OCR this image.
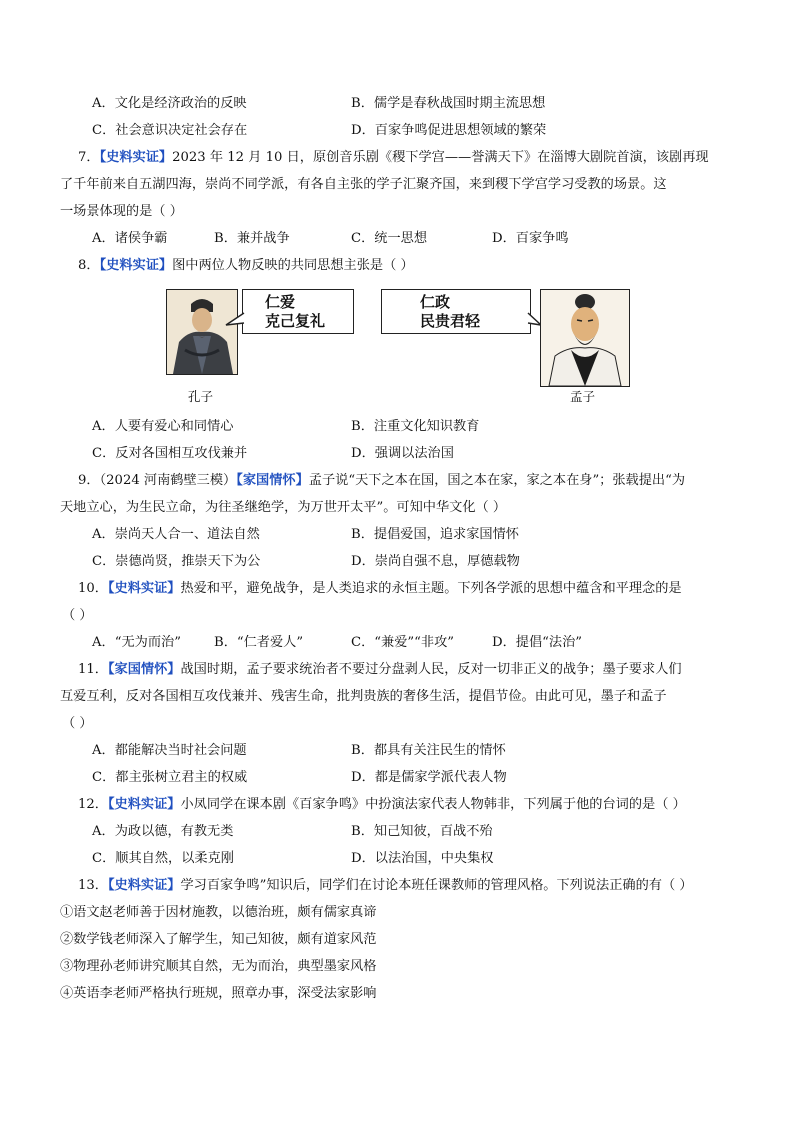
A．文化是经济政治的反映	B．儒学是春秋战国时期主流思想
C．社会意识决定社会存在	D．百家争鸣促进思想领域的繁荣
7．【史料实证】2023 年 12 月 10 日，原创音乐剧《稷下学宫——誉满天下》在淄博大剧院首演，该剧再现
了千年前来自五湖四海，崇尚不同学派，有各自主张的学子汇聚齐国，来到稷下学宫学习受教的场景。这
一场景体现的是（ ）
A．诸侯争霸	B．兼并战争	C．统一思想	D．百家争鸣
8．【史料实证】图中两位人物反映的共同思想主张是（ ）
仁爱
克己复礼
仁政
民贵君轻
孔子	孟子
A．人要有爱心和同情心	B．注重文化知识教育
C．反对各国相互攻伐兼并	D．强调以法治国
9．（2024 河南鹤壁三模）【家国情怀】孟子说“天下之本在国，国之本在家，家之本在身”；张载提出“为
天地立心，为生民立命，为往圣继绝学，为万世开太平”。可知中华文化（ ）
A．崇尚天人合一、道法自然	B．提倡爱国，追求家国情怀
C．崇德尚贤，推崇天下为公	D．崇尚自强不息，厚德载物
10．【史料实证】热爱和平，避免战争，是人类追求的永恒主题。下列各学派的思想中蕴含和平理念的是
（ ）
A．“无为而治”	B．“仁者爱人”	C．“兼爱”“非攻”	D．提倡“法治”
11．【家国情怀】战国时期，孟子要求统治者不要过分盘剥人民，反对一切非正义的战争；墨子要求人们
互爱互利，反对各国相互攻伐兼并、残害生命，批判贵族的奢侈生活，提倡节俭。由此可见，墨子和孟子
（ ）
A．都能解决当时社会问题	B．都具有关注民生的情怀
C．都主张树立君主的权威	D．都是儒家学派代表人物
12．【史料实证】小凤同学在课本剧《百家争鸣》中扮演法家代表人物韩非，下列属于他的台词的是（ ）
A．为政以德，有教无类	B．知己知彼，百战不殆
C．顺其自然，以柔克刚	D．以法治国，中央集权
13．【史料实证】学习百家争鸣”知识后，同学们在讨论本班任课教师的管理风格。下列说法正确的有（ ）
①语文赵老师善于因材施教，以德治班，颇有儒家真谛
②数学钱老师深入了解学生，知己知彼，颇有道家风范
③物理孙老师讲究顺其自然，无为而治，典型墨家风格
④英语李老师严格执行班规，照章办事，深受法家影响
